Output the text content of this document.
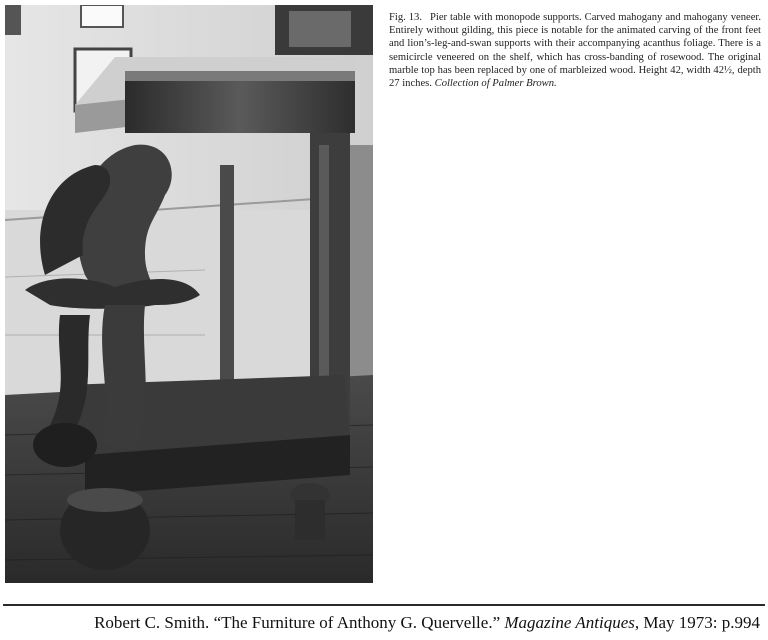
Fig. 13. Pier table with monopode supports. Carved mahogany and mahogany veneer. Entirely without gilding, this piece is notable for the animated carving of the front feet and lion’s-leg-and-swan supports with their accompanying acanthus foliage. There is a semicircle veneered on the shelf, which has cross-banding of rosewood. The original marble top has been replaced by one of marbleized wood. Height 42, width 42½, depth 27 inches. Collection of Palmer Brown.

Robert C. Smith. “The Furniture of Anthony G. Quervelle.” Magazine Antiques, May 1973: p.994
